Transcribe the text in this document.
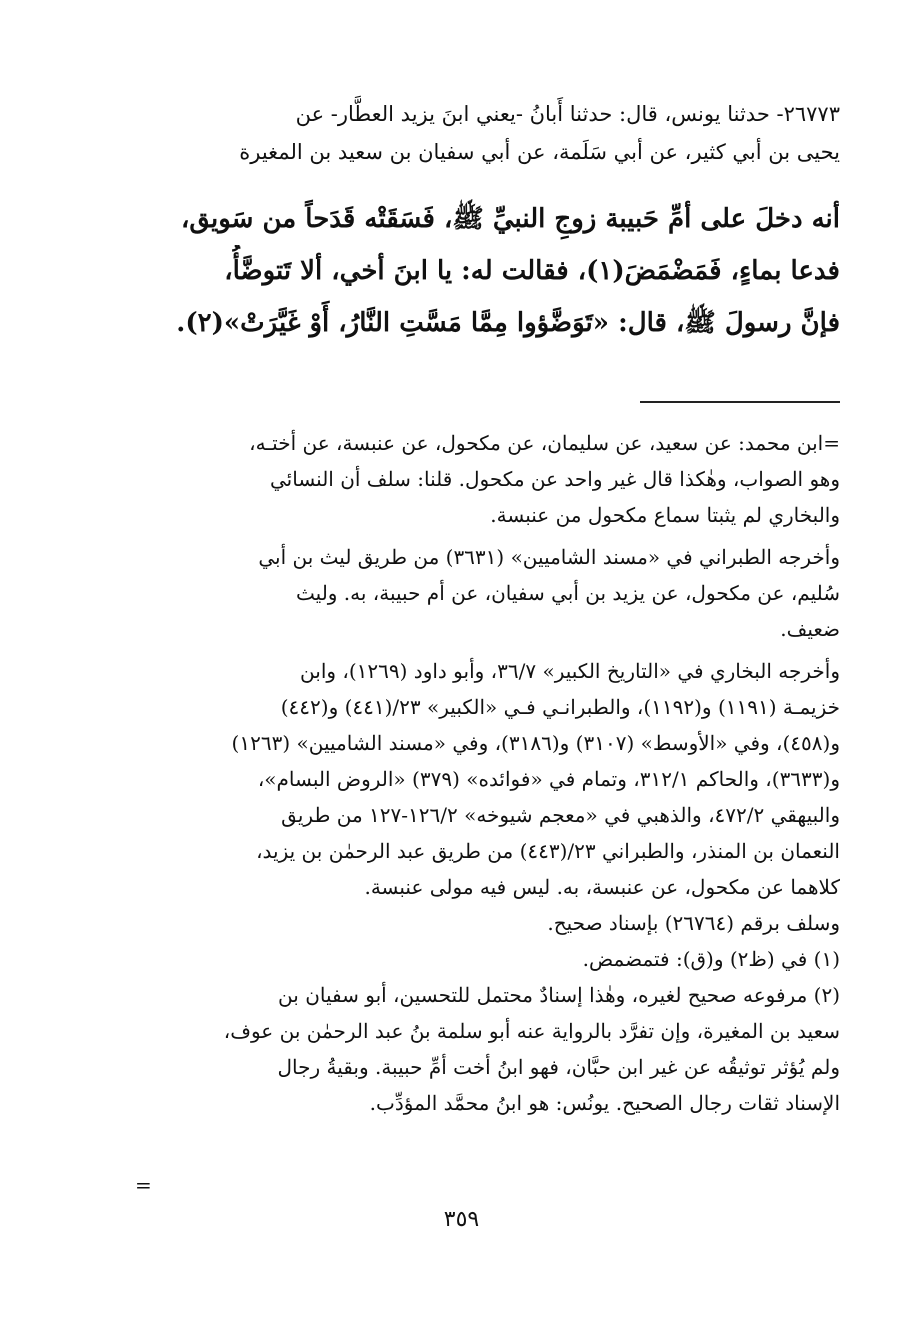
٢٦٧٧٣- حدثنا يونس، قال: حدثنا أَبانُ -يعني ابنَ يزيد العطَّار- عن
يحيى بن أبي كثير، عن أبي سَلَمة، عن أبي سفيان بن سعيد بن المغيرة
أنه دخلَ على أمِّ حَبيبة زوجِ النبيِّ ﷺ، فَسَقَتْه قَدَحاً من سَويق،
فدعا بماءٍ، فَمَضْمَضَ(١)، فقالت له: يا ابنَ أخي، ألا تَتوضَّأُ،
فإنَّ رسولَ ﷺ، قال: «تَوَضَّؤوا مِمَّا مَسَّتِ النَّارُ، أَوْ غَيَّرَتْ»(٢).
=ابن محمد: عن سعيد، عن سليمان، عن مكحول، عن عنبسة، عن أختـه،
وهو الصواب، وهٰكذا قال غير واحد عن مكحول. قلنا: سلف أن النسائي
والبخاري لم يثبتا سماع مكحول من عنبسة.
وأخرجه الطبراني في «مسند الشاميين» (٣٦٣١) من طريق ليث بن أبي
سُليم، عن مكحول، عن يزيد بن أبي سفيان، عن أم حبيبة، به. وليث
ضعيف.
وأخرجه البخاري في «التاريخ الكبير» ٣٦/٧، وأبو داود (١٢٦٩)، وابن
خزيمـة (١١٩١) و(١١٩٢)، والطبرانـي فـي «الكبير» ٢٣/(٤٤١) و(٤٤٢)
و(٤٥٨)، وفي «الأوسط» (٣١٠٧) و(٣١٨٦)، وفي «مسند الشاميين» (١٢٦٣)
و(٣٦٣٣)، والحاكم ٣١٢/١، وتمام في «فوائده» (٣٧٩) «الروض البسام»،
والبيهقي ٤٧٢/٢، والذهبي في «معجم شيوخه» ١٢٦/٢-١٢٧ من طريق
النعمان بن المنذر، والطبراني ٢٣/(٤٤٣) من طريق عبد الرحمٰن بن يزيد،
كلاهما عن مكحول، عن عنبسة، به. ليس فيه مولى عنبسة.
وسلف برقم (٢٦٧٦٤) بإسناد صحيح.
(١) في (ظ٢) و(ق): فتمضمض.
(٢) مرفوعه صحيح لغيره، وهٰذا إسنادٌ محتمل للتحسين، أبو سفيان بن
سعيد بن المغيرة، وإن تفرَّد بالرواية عنه أبو سلمة بنُ عبد الرحمٰن بن عوف،
ولم يُؤثر توثيقُه عن غير ابن حبَّان، فهو ابنُ أخت أمِّ حبيبة. وبقيةُ رجال
الإسناد ثقات رجال الصحيح. يونُس: هو ابنُ محمَّد المؤدِّب.
=
٣٥٩
